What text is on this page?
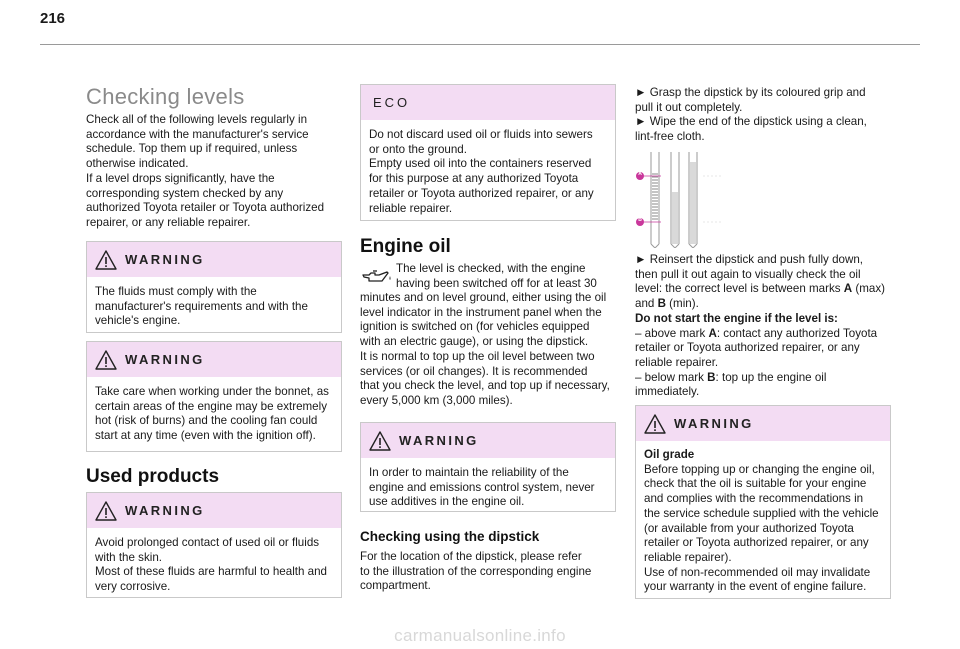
216
Checking levels
Check all of the following levels regularly in
accordance with the manufacturer's service
schedule. Top them up if required, unless
otherwise indicated.
If a level drops significantly, have the
corresponding system checked by any
authorized Toyota retailer or Toyota authorized
repairer, or any reliable repairer.
WARNING
The fluids must comply with the
manufacturer's requirements and with the
vehicle's engine.
WARNING
Take care when working under the bonnet, as
certain areas of the engine may be extremely
hot (risk of burns) and the cooling fan could
start at any time (even with the ignition off).
Used products
WARNING
Avoid prolonged contact of used oil or fluids
with the skin.
Most of these fluids are harmful to health and
very corrosive.
ECO
Do not discard used oil or fluids into sewers
or onto the ground.
Empty used oil into the containers reserved
for this purpose at any authorized Toyota
retailer or Toyota authorized repairer, or any
reliable repairer.
Engine oil
The level is checked, with the engine
having been switched off for at least 30
minutes and on level ground, either using the oil
level indicator in the instrument panel when the
ignition is switched on (for vehicles equipped
with an electric gauge), or using the dipstick.
It is normal to top up the oil level between two
services (or oil changes). It is recommended
that you check the level, and top up if necessary,
every 5,000 km (3,000 miles).
WARNING
In order to maintain the reliability of the
engine and emissions control system, never
use additives in the engine oil.
Checking using the dipstick
For the location of the dipstick, please refer
to the illustration of the corresponding engine
compartment.
► Grasp the dipstick by its coloured grip and
pull it out completely.
► Wipe the end of the dipstick using a clean,
lint-free cloth.
A
B
► Reinsert the dipstick and push fully down,
then pull it out again to visually check the oil
level: the correct level is between marks A (max)
and B (min).
Do not start the engine if the level is:
– above mark A: contact any authorized Toyota
retailer or Toyota authorized repairer, or any
reliable repairer.
– below mark B: top up the engine oil
immediately.
WARNING
Oil grade
Before topping up or changing the engine oil,
check that the oil is suitable for your engine
and complies with the recommendations in
the service schedule supplied with the vehicle
(or available from your authorized Toyota
retailer or Toyota authorized repairer, or any
reliable repairer).
Use of non-recommended oil may invalidate
your warranty in the event of engine failure.
carmanualsonline.info
